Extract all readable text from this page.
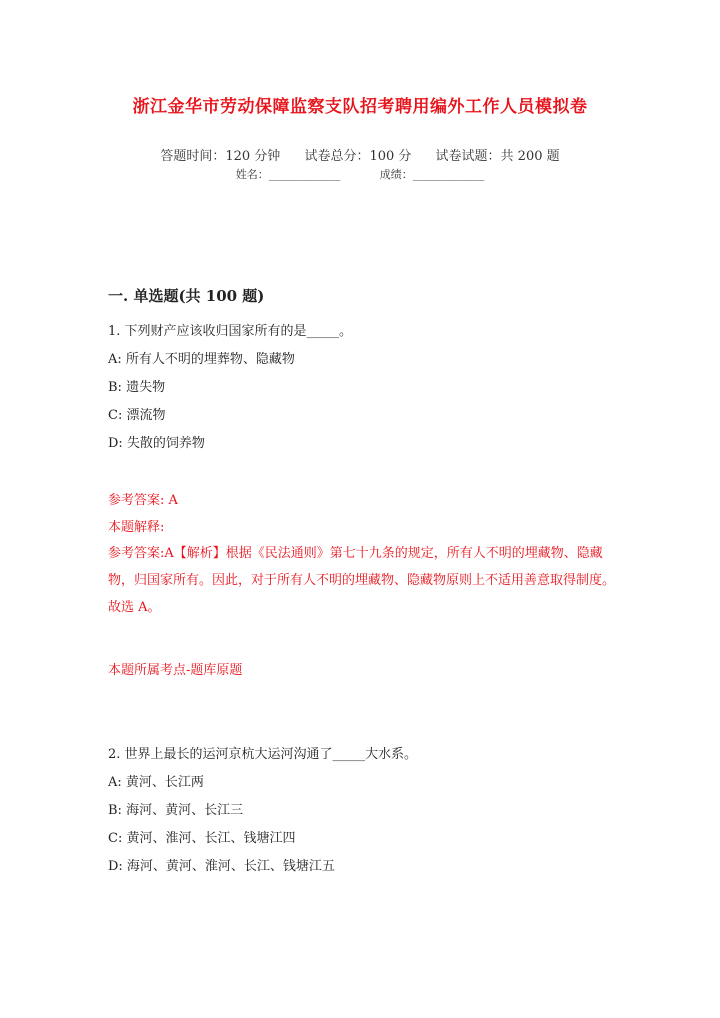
浙江金华市劳动保障监察支队招考聘用编外工作人员模拟卷
答题时间：120 分钟 试卷总分：100 分 试卷试题：共 200 题
姓名：_____________	成绩：_____________
一. 单选题(共 100 题)
1. 下列财产应该收归国家所有的是_____。
A: 所有人不明的埋葬物、隐藏物
B: 遗失物
C: 漂流物
D: 失散的饲养物
参考答案: A
本题解释:
参考答案:A【解析】根据《民法通则》第七十九条的规定，所有人不明的埋藏物、隐藏物，归国家所有。因此，对于所有人不明的埋藏物、隐藏物原则上不适用善意取得制度。故选 A。
本题所属考点-题库原题
2. 世界上最长的运河京杭大运河沟通了_____大水系。
A: 黄河、长江两
B: 海河、黄河、长江三
C: 黄河、淮河、长江、钱塘江四
D: 海河、黄河、淮河、长江、钱塘江五
